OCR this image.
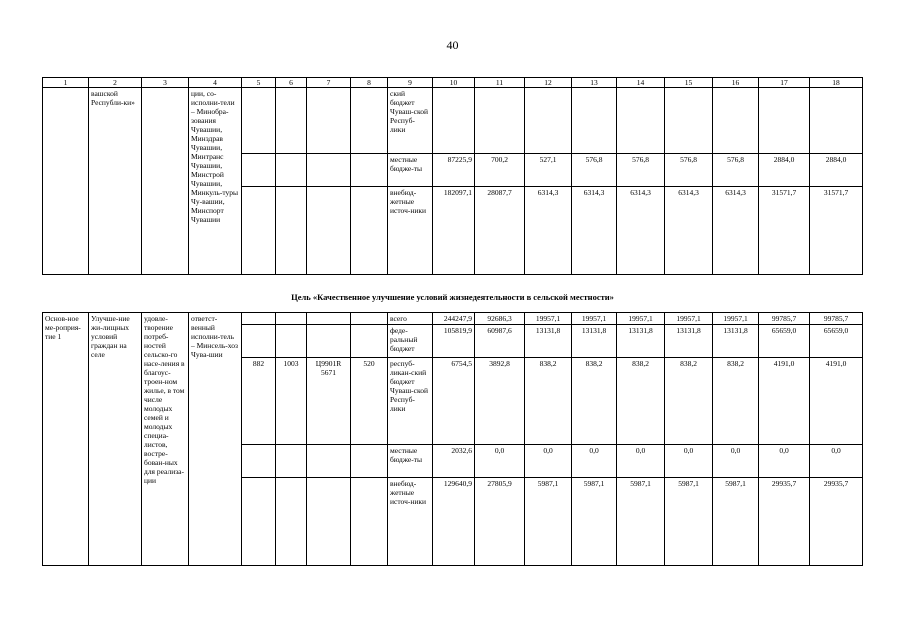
40
1	2	3	4	5	6	7	8	9	10	11	12	13	14	15	16	17	18
	вашской Республи-ки»		ции, со-исполни-тели – Минобра-зования Чувашии, Минздрав Чувашии, Минтранс Чувашии, Минстрой Чувашии, Минкуль-туры Чу-вашии, Минспорт Чувашии					ский бюджет Чуваш-ской Респуб-лики									
								местные бюдже-ты	87225,9	700,2	527,1	576,8	576,8	576,8	576,8	2884,0	2884,0
								внебюд-жетные источ-ники	182097,1	28087,7	6314,3	6314,3	6314,3	6314,3	6314,3	31571,7	31571,7
Цель «Качественное улучшение условий жизнедеятельности в сельской местности»
Основ-ное ме-роприя-тие 1	Улучше-ние жи-лищных условий граждан на селе	удовле-творение потреб-ностей сельско-го насе-ления в благоус-троен-ном жилье, в том числе молодых семей и молодых специа-листов, востре-бован-ных для реализа-ции	ответст-венный исполни-тель – Минсель-хоз Чува-шии					всего	244247,9	92686,3	19957,1	19957,1	19957,1	19957,1	19957,1	99785,7	99785,7
								феде-ральный бюджет	105819,9	60987,6	13131,8	13131,8	13131,8	13131,8	13131,8	65659,0	65659,0
				882	1003	Ц9901R 5671	520	респуб-ликан-ский бюджет Чуваш-ской Респуб-лики	6754,5	3892,8	838,2	838,2	838,2	838,2	838,2	4191,0	4191,0
								местные бюдже-ты	2032,6	0,0	0,0	0,0	0,0	0,0	0,0	0,0	0,0
								внебюд-жетные источ-ники	129640,9	27805,9	5987,1	5987,1	5987,1	5987,1	5987,1	29935,7	29935,7
